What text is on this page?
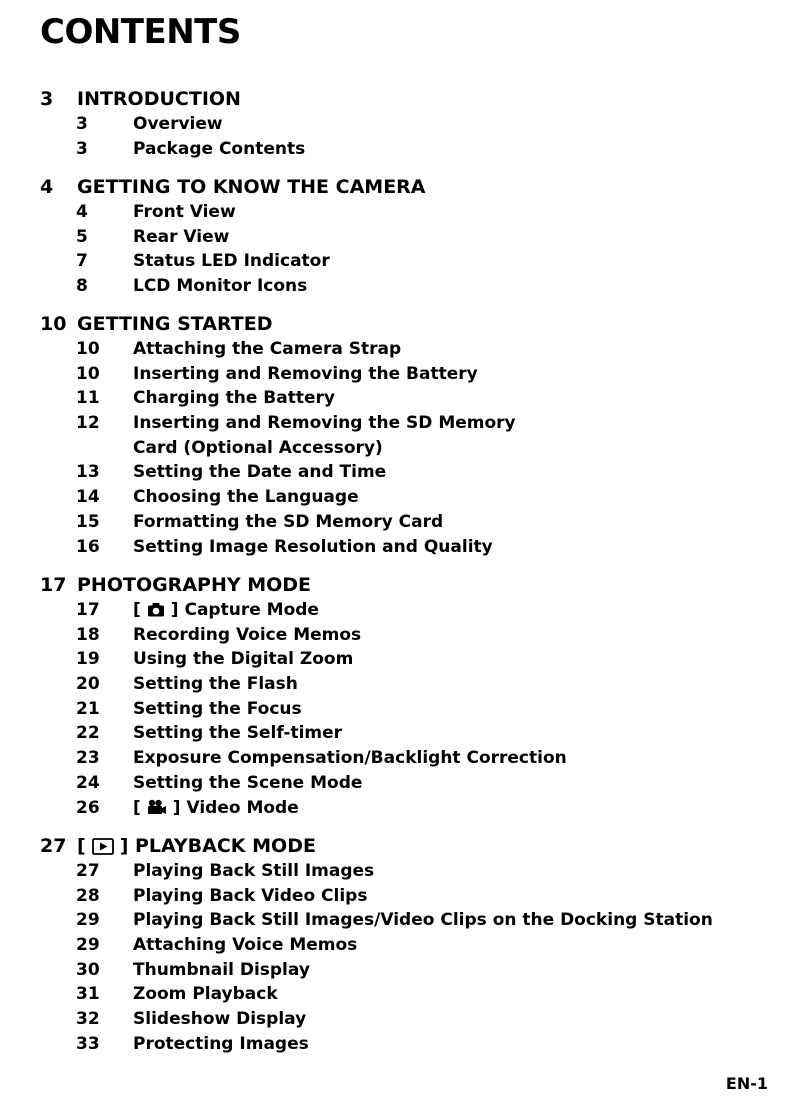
CONTENTS
3 INTRODUCTION
3	Overview
3	Package Contents
4 GETTING TO KNOW THE CAMERA
4	Front View
5	Rear View
7	Status LED Indicator
8	LCD Monitor Icons
10 GETTING STARTED
10 Attaching the Camera Strap
10 Inserting and Removing the Battery
11 Charging the Battery
12 Inserting and Removing the SD Memory
Card (Optional Accessory)
13 Setting the Date and Time
14 Choosing the Language
15 Formatting the SD Memory Card
16 Setting Image Resolution and Quality
17 PHOTOGRAPHY MODE
17 [ ] Capture Mode
18 Recording Voice Memos
19 Using the Digital Zoom
20 Setting the Flash
21 Setting the Focus
22 Setting the Self-timer
23 Exposure Compensation/Backlight Correction
24 Setting the Scene Mode
26 [ ] Video Mode
27 [ ] PLAYBACK MODE
27 Playing Back Still Images
28 Playing Back Video Clips
29 Playing Back Still Images/Video Clips on the Docking Station
29 Attaching Voice Memos
30 Thumbnail Display
31 Zoom Playback
32 Slideshow Display
33 Protecting Images
EN-1
